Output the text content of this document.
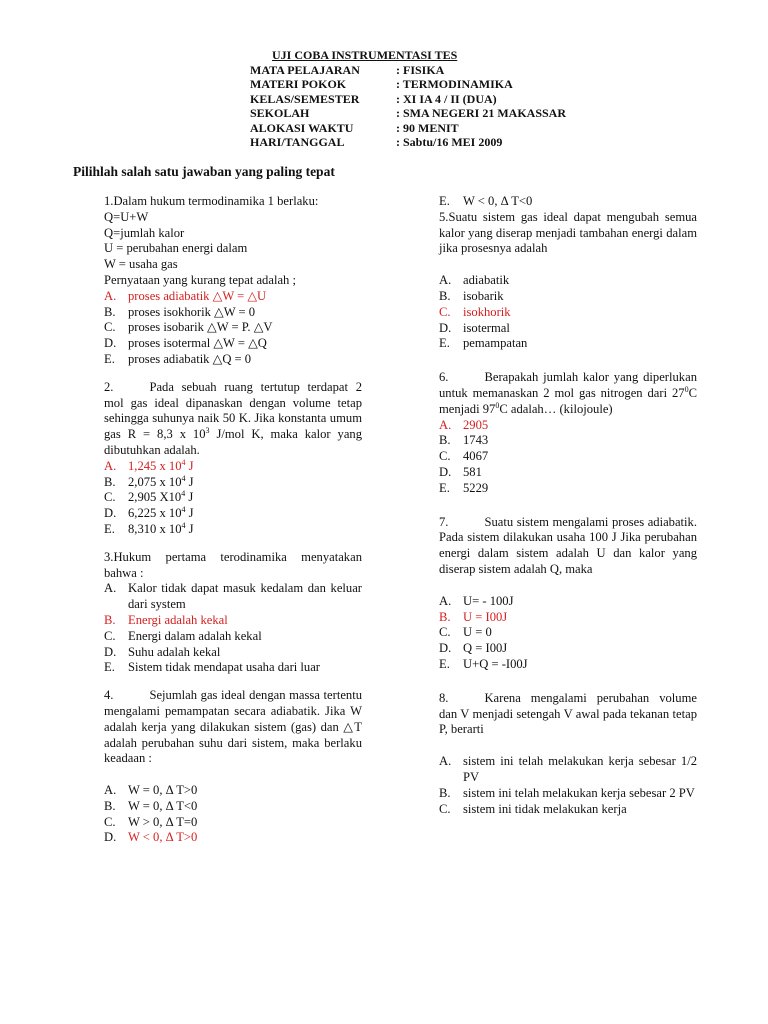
UJI COBA INSTRUMENTASI TES
MATA PELAJARAN	: FISIKA
MATERI POKOK	: TERMODINAMIKA
KELAS/SEMESTER	: XI IA 4 / II (DUA)
SEKOLAH	: SMA NEGERI 21 MAKASSAR
ALOKASI WAKTU	: 90 MENIT
HARI/TANGGAL	: Sabtu/16 MEI 2009
Pilihlah salah satu jawaban yang paling tepat

1.Dalam hukum termodinamika 1 berlaku:

Q=U+W

Q=jumlah kalor

U = perubahan energi dalam

W = usaha gas

Pernyataan yang kurang tepat adalah ;

A. proses adiabatik △W = △U
B. proses isokhorik △W = 0
C. proses isobarik △W = P. △V
D. proses isotermal △W = △Q
E.	proses adiabatik △Q = 0

2.	Pada sebuah ruang tertutup terdapat 2 mol gas ideal dipanaskan dengan volume tetap sehingga suhunya naik 50 K. Jika konstanta umum gas R = 8,3 x $10^3$ J/mol K, maka kalor yang dibutuhkan adalah.

A. 1,245 x $10^4$ J
B. 2,075 x $10^4$ J
C. 2,905 $X10^4$ J
D. 6,225 x $10^4$ J
E.	8,310 x $10^4$ J

3.Hukum pertama terodinamika menyatakan bahwa :

A. Kalor tidak dapat masuk kedalam dan keluar dari system
B. Energi adalah kekal
C. Energi dalam adalah kekal
D. Suhu adalah kekal
E.	Sistem tidak mendapat usaha dari luar

4.	Sejumlah gas ideal dengan massa tertentu mengalami pemampatan secara adiabatik. Jika W adalah kerja yang dilakukan sistem (gas) dan △T adalah perubahan suhu dari sistem, maka berlaku keadaan :

A. W = 0, Δ T>0
B. W = 0, Δ T<0
C. W > 0, Δ T=0
D. W < 0, Δ T>0
E.	W < 0, Δ T<0

5.Suatu sistem gas ideal dapat mengubah semua kalor yang diserap menjadi tambahan energi dalam jika prosesnya adalah

A. adiabatik
B. isobarik
C. isokhorik
D. isotermal
E.	pemampatan

6.	Berapakah jumlah kalor yang diperlukan untuk memanaskan 2 mol gas nitrogen dari $27^0C$ menjadi $97^0C$ adalah… (kilojoule)

A. 2905
B. 1743
C. 4067
D. 581
E.	5229

7.	Suatu sistem mengalami proses adiabatik. Pada sistem dilakukan usaha 100 J Jika perubahan energi dalam sistem adalah U dan kalor yang diserap sistem adalah Q, maka

A. U= - 100J
B. U = I00J
C. U = 0
D. Q = I00J
E.	U+Q = -I00J

8.	Karena mengalami perubahan volume dan V menjadi setengah V awal pada tekanan tetap P, berarti

A. sistem ini telah melakukan kerja sebesar 1/2 PV
B. sistem ini telah melakukan kerja sebesar 2 PV
C. sistem ini tidak melakukan kerja
